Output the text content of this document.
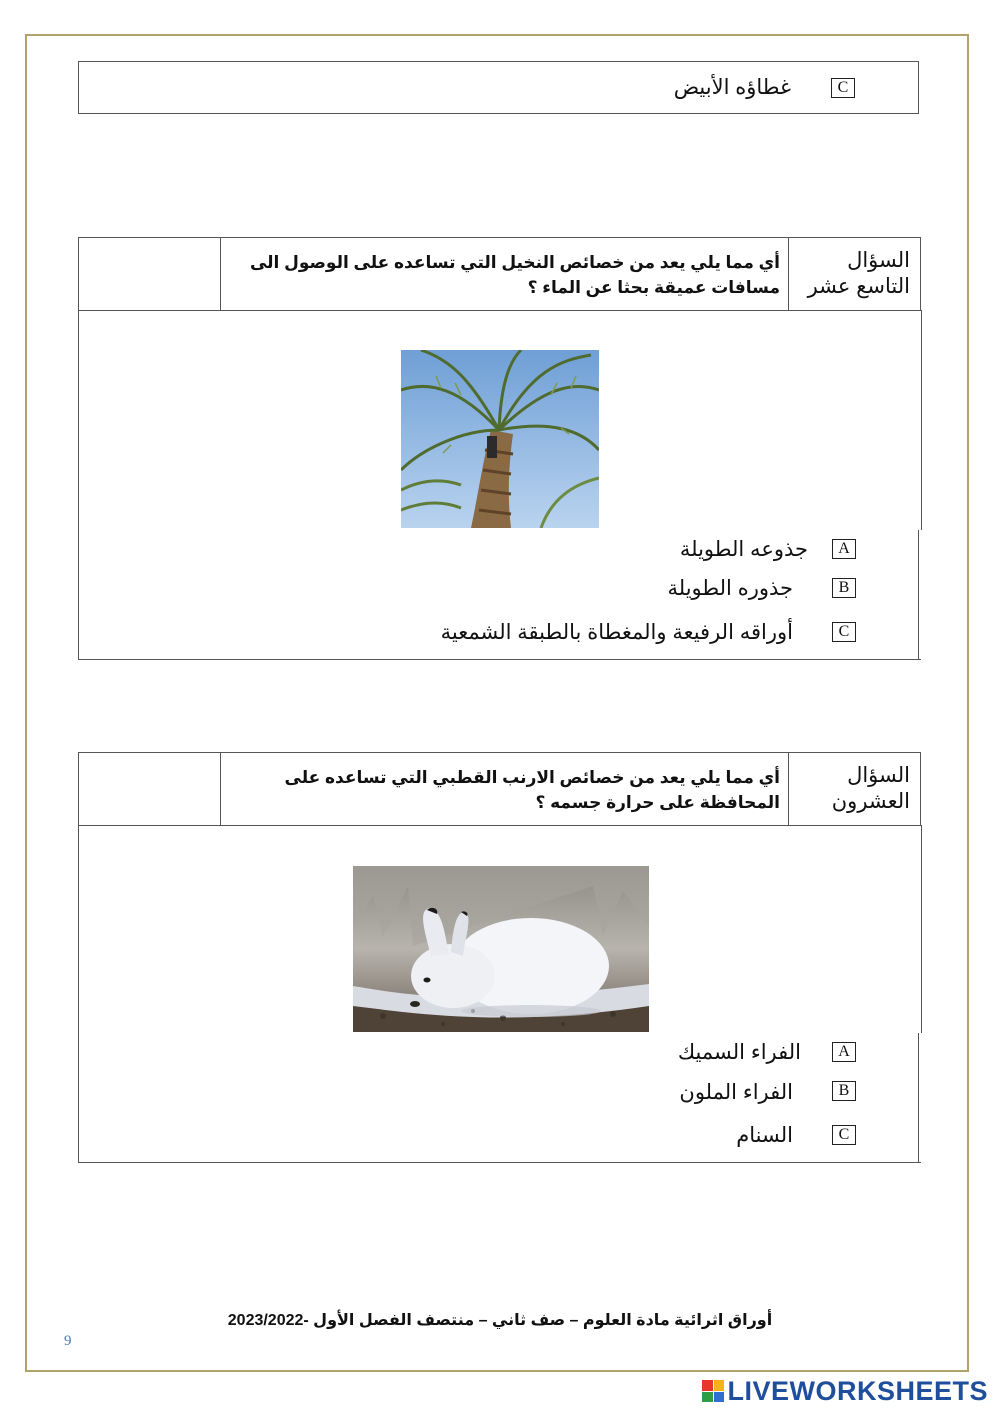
C
غطاؤه الأبيض
السؤال التاسع عشر
أي مما يلي يعد من خصائص النخيل التي تساعده على الوصول الى مسافات عميقة بحثا عن الماء ؟
A
جذوعه الطويلة
B
جذوره الطويلة
C
أوراقه الرفيعة والمغطاة بالطبقة الشمعية
السؤال العشرون
أي مما يلي يعد من خصائص الارنب القطبي التي تساعده على المحافظة على حرارة جسمه ؟
A
الفراء السميك
B
الفراء الملون
C
السنام
أوراق اثرائية مادة العلوم – صف ثاني – منتصف الفصل الأول -2023/2022
9
LIVEWORKSHEETS
